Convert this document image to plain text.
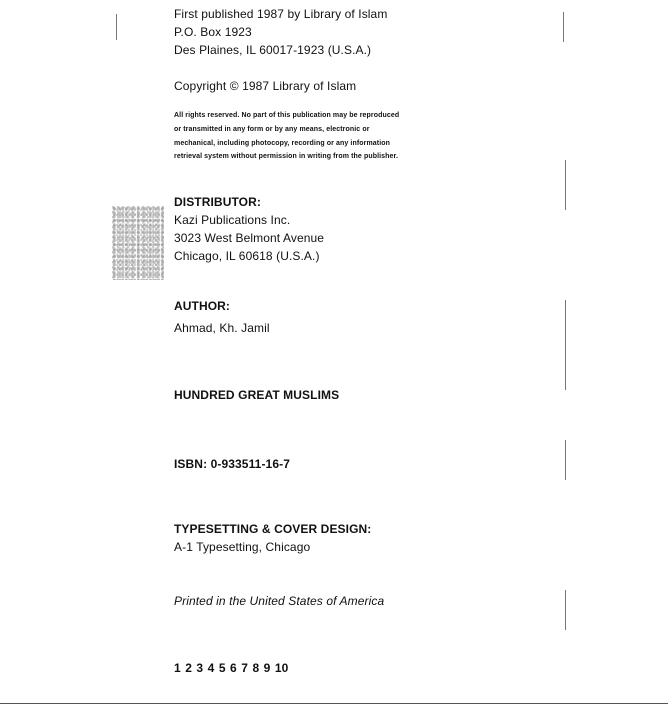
First published 1987 by Library of Islam
P.O. Box 1923
Des Plaines, IL 60017-1923 (U.S.A.)
Copyright © 1987 Library of Islam
All rights reserved. No part of this publication may be reproduced
or transmitted in any form or by any means, electronic or
mechanical, including photocopy, recording or any information
retrieval system without permission in writing from the publisher.
DISTRIBUTOR:
Kazi Publications Inc.
3023 West Belmont Avenue
Chicago, IL 60618 (U.S.A.)
AUTHOR:
Ahmad, Kh. Jamil
HUNDRED GREAT MUSLIMS
ISBN: 0-933511-16-7
TYPESETTING & COVER DESIGN:
A-1 Typesetting, Chicago
Printed in the United States of America
1 2 3 4 5 6 7 8 9 10
